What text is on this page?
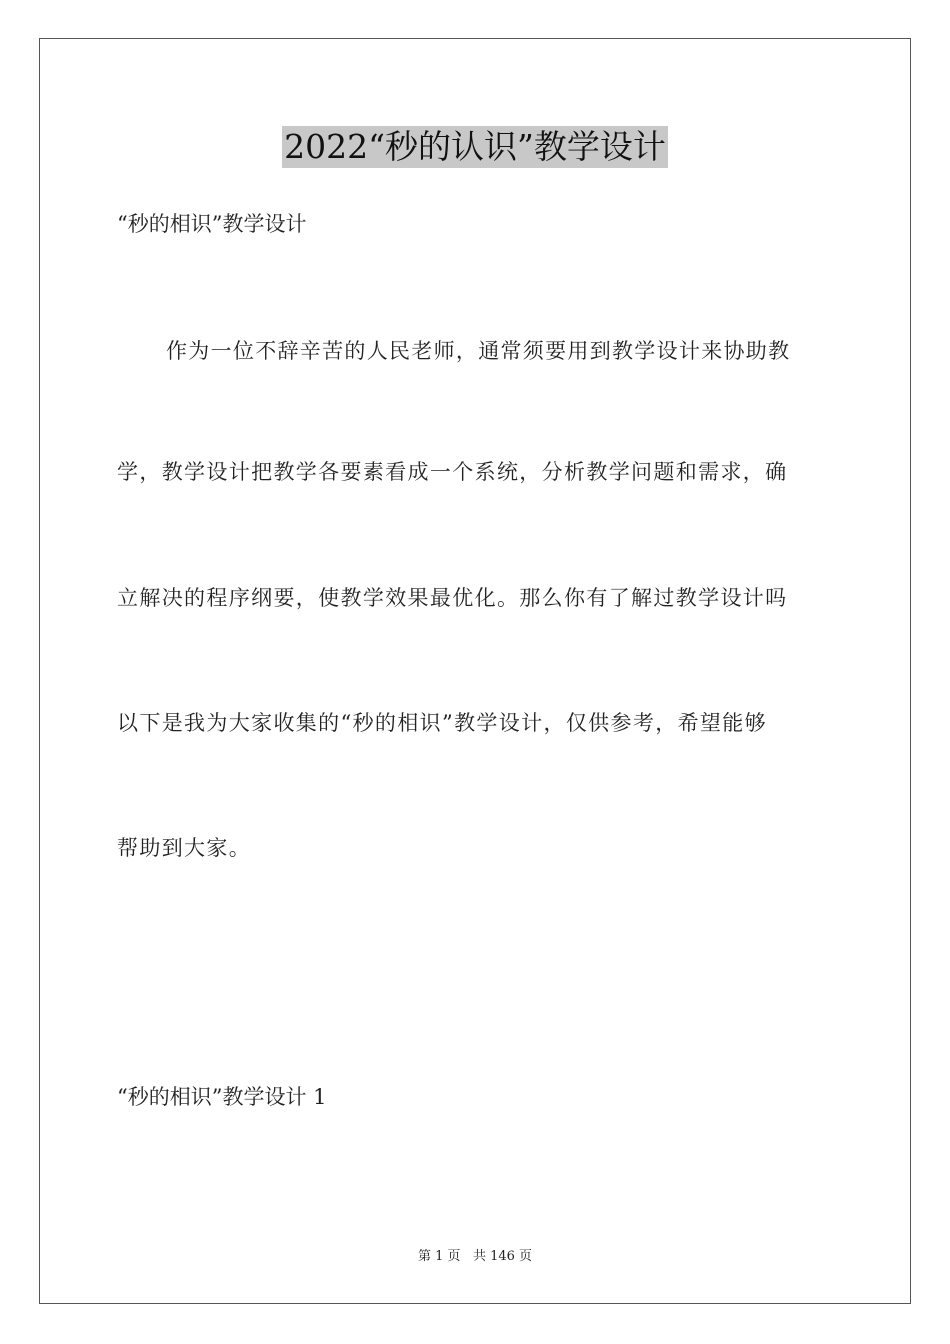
2022“秒的认识”教学设计
“秒的相识”教学设计
作为一位不辞辛苦的人民老师，通常须要用到教学设计来协助教
学，教学设计把教学各要素看成一个系统，分析教学问题和需求，确
立解决的程序纲要，使教学效果最优化。那么你有了解过教学设计吗
以下是我为大家收集的“秒的相识”教学设计，仅供参考，希望能够
帮助到大家。
“秒的相识”教学设计 1
第 1 页 共 146 页
